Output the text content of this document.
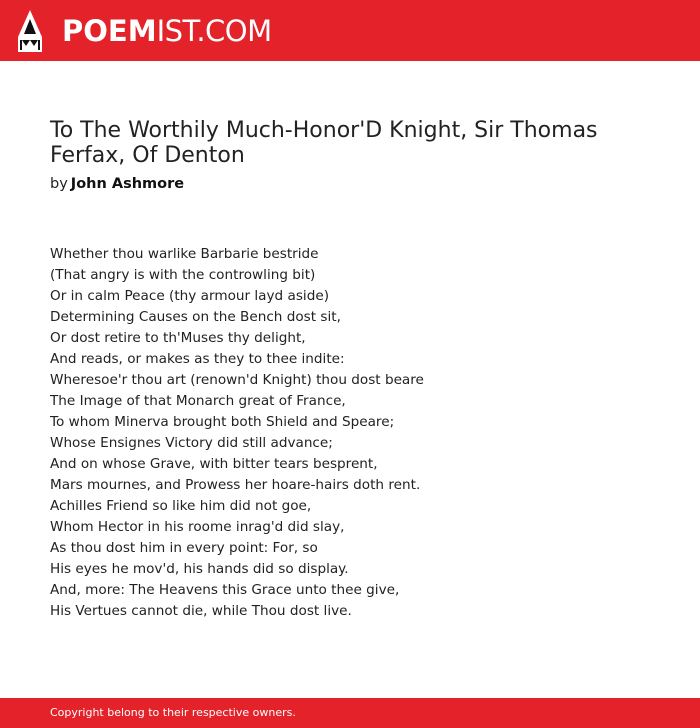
POEMIST.COM
To The Worthily Much-Honor'D Knight, Sir Thomas Ferfax, Of Denton
by John Ashmore
Whether thou warlike Barbarie bestride
(That angry is with the controwling bit)
Or in calm Peace (thy armour layd aside)
Determining Causes on the Bench dost sit,
Or dost retire to th'Muses thy delight,
And reads, or makes as they to thee indite:
Wheresoe'r thou art (renown'd Knight) thou dost beare
The Image of that Monarch great of France,
To whom Minerva brought both Shield and Speare;
Whose Ensignes Victory did still advance;
And on whose Grave, with bitter tears besprent,
Mars mournes, and Prowess her hoare-hairs doth rent.
Achilles Friend so like him did not goe,
Whom Hector in his roome inrag'd did slay,
As thou dost him in every point: For, so
His eyes he mov'd, his hands did so display.
And, more: The Heavens this Grace unto thee give,
His Vertues cannot die, while Thou dost live.
Copyright belong to their respective owners.
